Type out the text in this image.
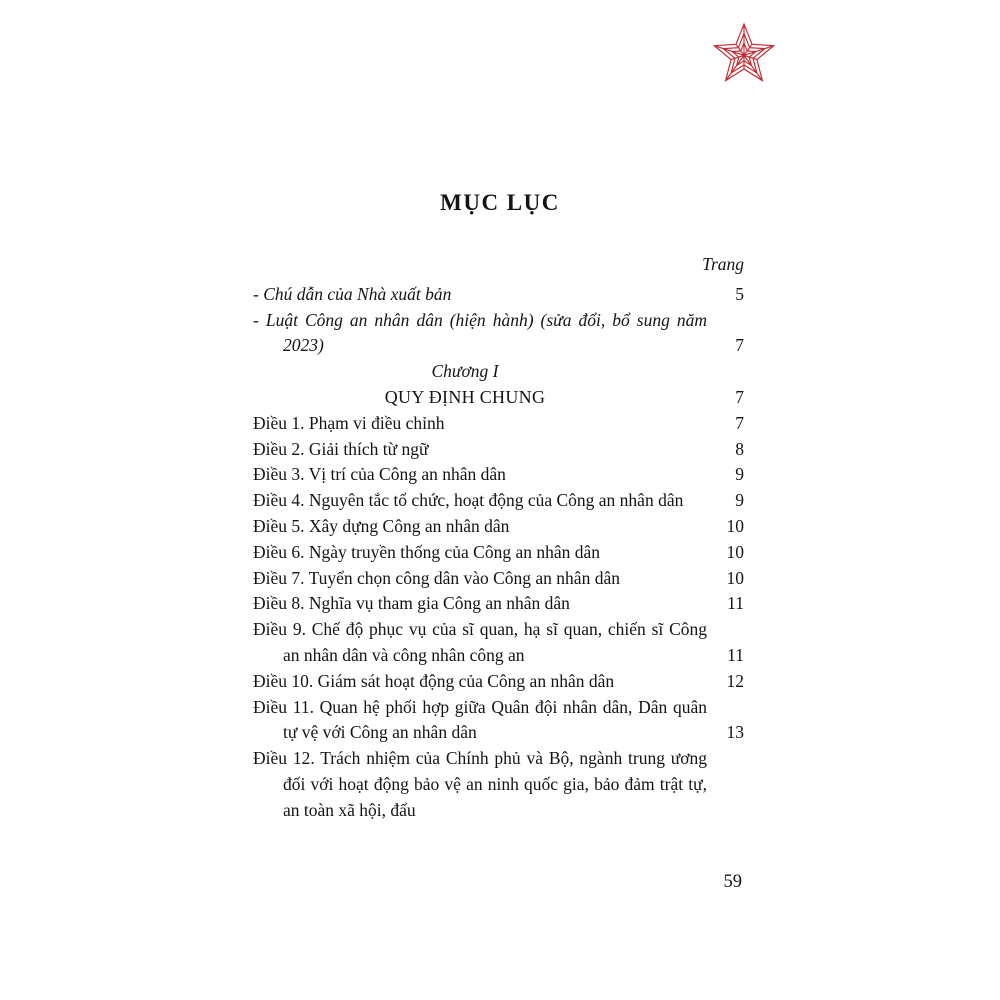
MỤC LỤC
Trang
- Chú dẫn của Nhà xuất bản	5
- Luật Công an nhân dân (hiện hành) (sửa đổi, bổ sung năm 2023)	7
Chương I
QUY ĐỊNH CHUNG	7
Điều 1. Phạm vi điều chỉnh	7
Điều 2. Giải thích từ ngữ	8
Điều 3. Vị trí của Công an nhân dân	9
Điều 4. Nguyên tắc tổ chức, hoạt động của Công an nhân dân	9
Điều 5. Xây dựng Công an nhân dân	10
Điều 6. Ngày truyền thống của Công an nhân dân	10
Điều 7. Tuyển chọn công dân vào Công an nhân dân	10
Điều 8. Nghĩa vụ tham gia Công an nhân dân	11
Điều 9. Chế độ phục vụ của sĩ quan, hạ sĩ quan, chiến sĩ Công an nhân dân và công nhân công an	11
Điều 10. Giám sát hoạt động của Công an nhân dân	12
Điều 11. Quan hệ phối hợp giữa Quân đội nhân dân, Dân quân tự vệ với Công an nhân dân	13
Điều 12. Trách nhiệm của Chính phủ và Bộ, ngành trung ương đối với hoạt động bảo vệ an ninh quốc gia, bảo đảm trật tự, an toàn xã hội, đấu
59
